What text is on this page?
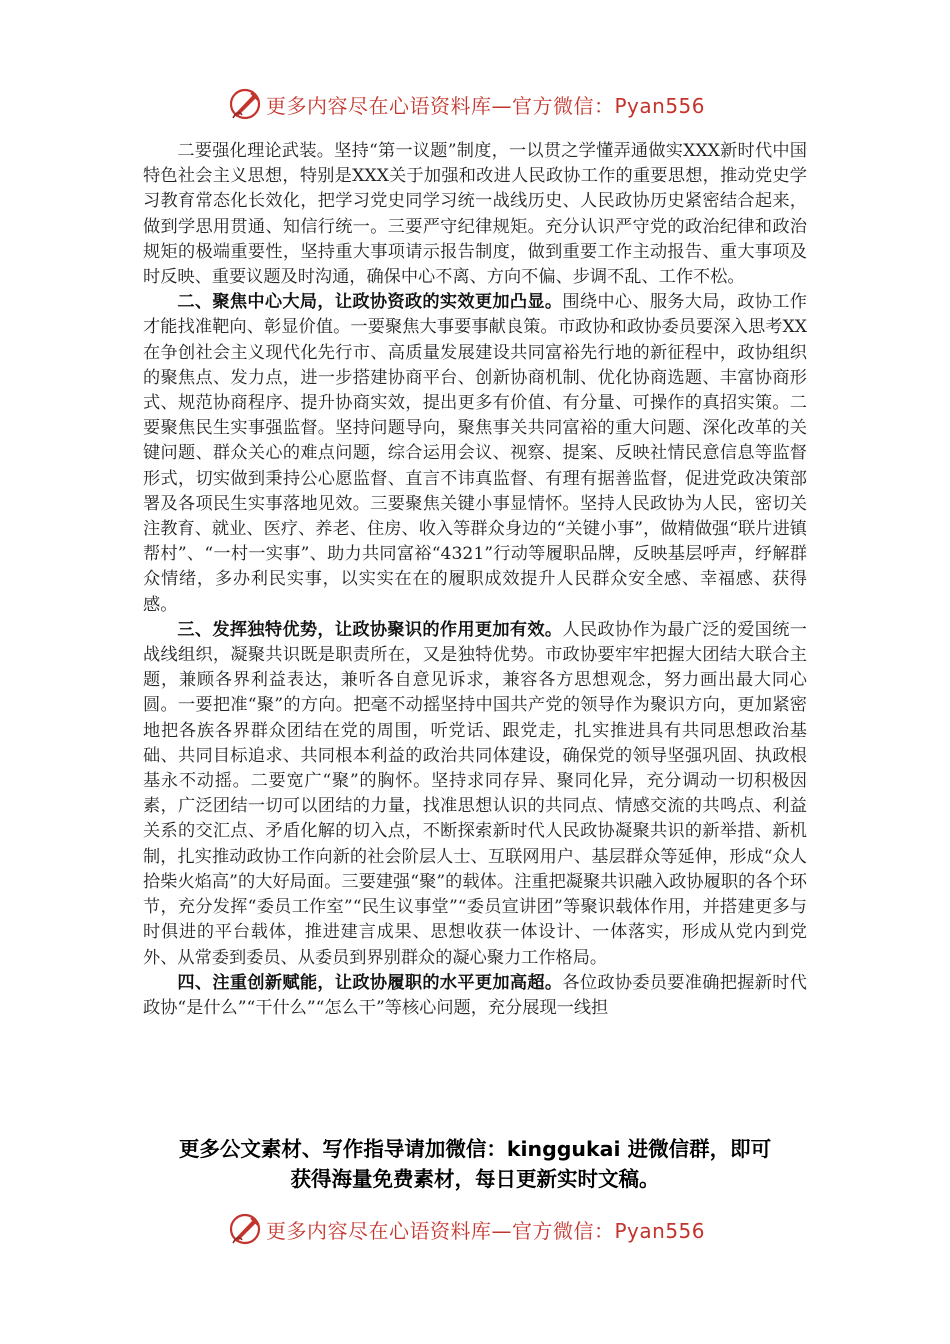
更多内容尽在心语资料库—官方微信：Pyan556

二要强化理论武装。坚持“第一议题”制度，一以贯之学懂弄通做实XXX新时代中国特色社会主义思想，特别是XXX关于加强和改进人民政协工作的重要思想，推动党史学习教育常态化长效化，把学习党史同学习统一战线历史、人民政协历史紧密结合起来，做到学思用贯通、知信行统一。三要严守纪律规矩。充分认识严守党的政治纪律和政治规矩的极端重要性，坚持重大事项请示报告制度，做到重要工作主动报告、重大事项及时反映、重要议题及时沟通，确保中心不离、方向不偏、步调不乱、工作不松。

二、聚焦中心大局，让政协资政的实效更加凸显。围绕中心、服务大局，政协工作才能找准靶向、彰显价值。一要聚焦大事要事献良策。市政协和政协委员要深入思考XX在争创社会主义现代化先行市、高质量发展建设共同富裕先行地的新征程中，政协组织的聚焦点、发力点，进一步搭建协商平台、创新协商机制、优化协商选题、丰富协商形式、规范协商程序、提升协商实效，提出更多有价值、有分量、可操作的真招实策。二要聚焦民生实事强监督。坚持问题导向，聚焦事关共同富裕的重大问题、深化改革的关键问题、群众关心的难点问题，综合运用会议、视察、提案、反映社情民意信息等监督形式，切实做到秉持公心愿监督、直言不讳真监督、有理有据善监督，促进党政决策部署及各项民生实事落地见效。三要聚焦关键小事显情怀。坚持人民政协为人民，密切关注教育、就业、医疗、养老、住房、收入等群众身边的“关键小事”，做精做强“联片进镇帮村”、“一村一实事”、助力共同富裕“4321”行动等履职品牌，反映基层呼声，纾解群众情绪，多办利民实事，以实实在在的履职成效提升人民群众安全感、幸福感、获得感。

三、发挥独特优势，让政协聚识的作用更加有效。人民政协作为最广泛的爱国统一战线组织，凝聚共识既是职责所在，又是独特优势。市政协要牢牢把握大团结大联合主题，兼顾各界利益表达，兼听各自意见诉求，兼容各方思想观念，努力画出最大同心圆。一要把准“聚”的方向。把毫不动摇坚持中国共产党的领导作为聚识方向，更加紧密地把各族各界群众团结在党的周围，听党话、跟党走，扎实推进具有共同思想政治基础、共同目标追求、共同根本利益的政治共同体建设，确保党的领导坚强巩固、执政根基永不动摇。二要宽广“聚”的胸怀。坚持求同存异、聚同化异，充分调动一切积极因素，广泛团结一切可以团结的力量，找准思想认识的共同点、情感交流的共鸣点、利益关系的交汇点、矛盾化解的切入点，不断探索新时代人民政协凝聚共识的新举措、新机制，扎实推动政协工作向新的社会阶层人士、互联网用户、基层群众等延伸，形成“众人拾柴火焰高”的大好局面。三要建强“聚”的载体。注重把凝聚共识融入政协履职的各个环节，充分发挥“委员工作室”“民生议事堂”“委员宣讲团”等聚识载体作用，并搭建更多与时俱进的平台载体，推进建言成果、思想收获一体设计、一体落实，形成从党内到党外、从常委到委员、从委员到界别群众的凝心聚力工作格局。

四、注重创新赋能，让政协履职的水平更加高超。各位政协委员要准确把握新时代政协“是什么”“干什么”“怎么干”等核心问题，充分展现一线担

更多公文素材、写作指导请加微信：kinggukai 进微信群，即可
获得海量免费素材，每日更新实时文稿。
更多内容尽在心语资料库—官方微信：Pyan556
